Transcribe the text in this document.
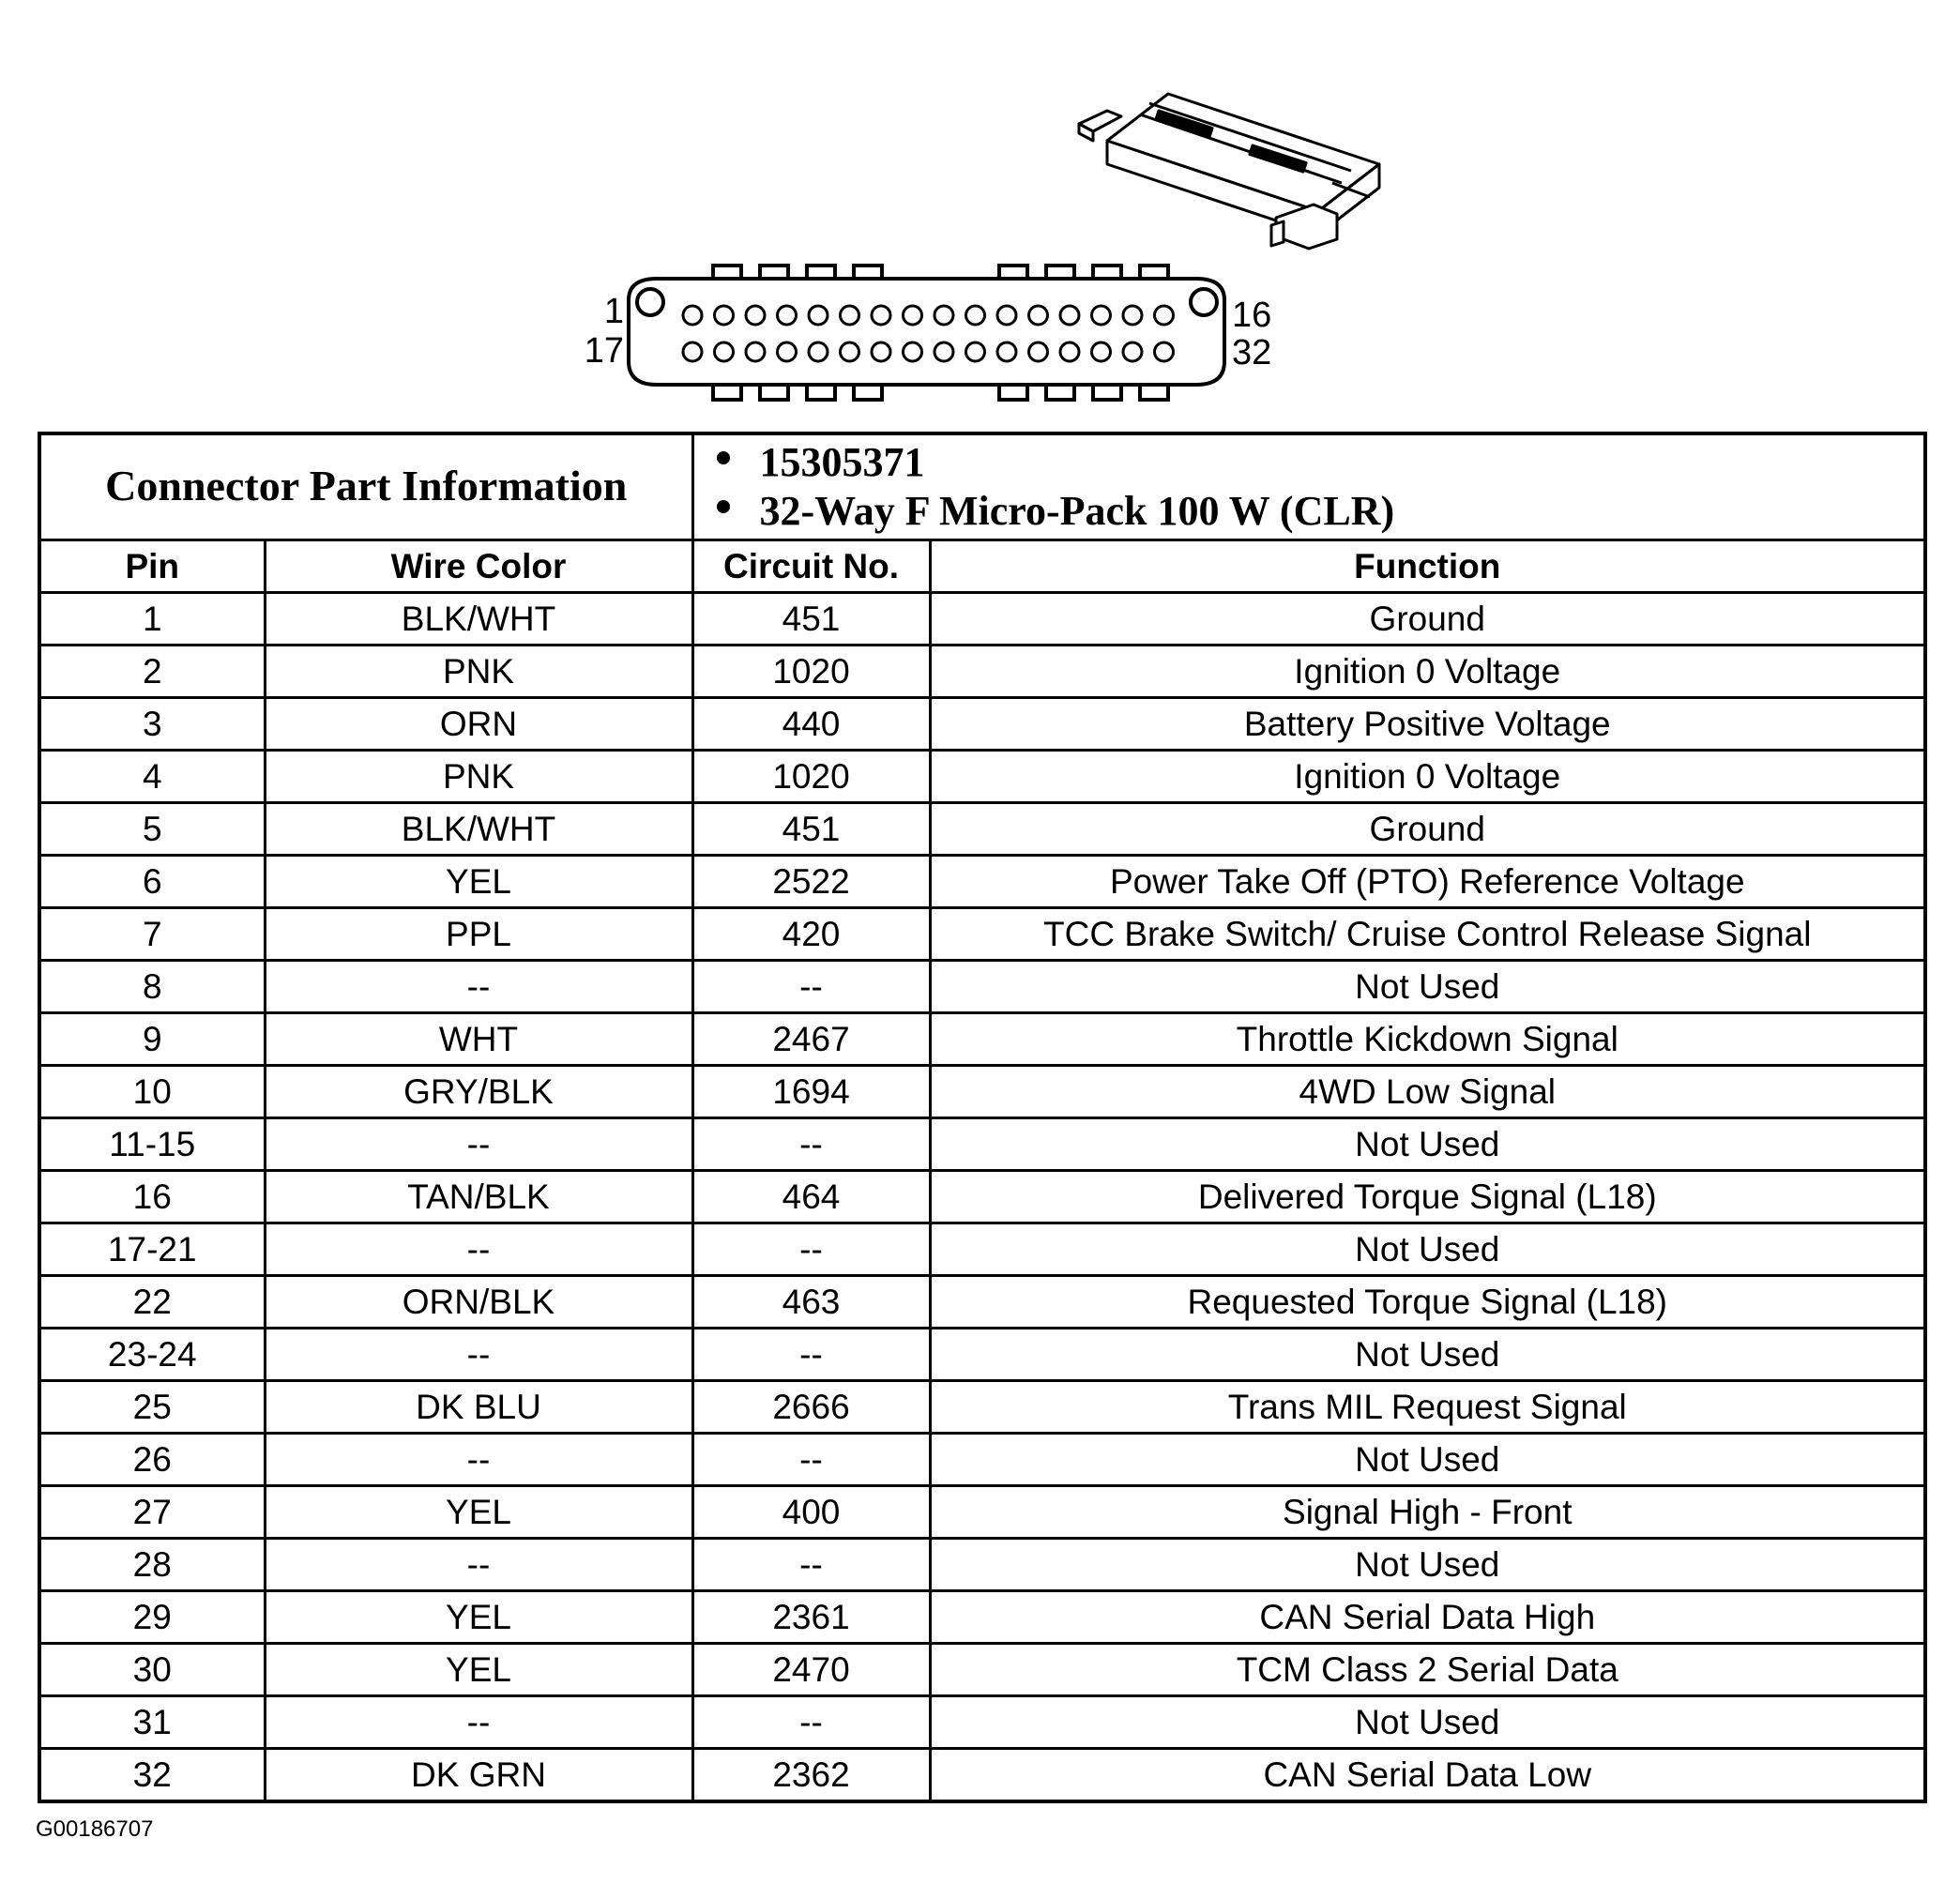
1
17
16
32
Connector Part Information		15305371
32-Way F Micro-Pack 100 W (CLR)	

Pin	Wire Color	Circuit No.	Function
1	BLK/WHT	451	Ground
2	PNK	1020	Ignition 0 Voltage
3	ORN	440	Battery Positive Voltage
4	PNK	1020	Ignition 0 Voltage
5	BLK/WHT	451	Ground
6	YEL	2522	Power Take Off (PTO) Reference Voltage
7	PPL	420	TCC Brake Switch/ Cruise Control Release Signal
8	--	--	Not Used
9	WHT	2467	Throttle Kickdown Signal
10	GRY/BLK	1694	4WD Low Signal
11-15	--	--	Not Used
16	TAN/BLK	464	Delivered Torque Signal (L18)
17-21	--	--	Not Used
22	ORN/BLK	463	Requested Torque Signal (L18)
23-24	--	--	Not Used
25	DK BLU	2666	Trans MIL Request Signal
26	--	--	Not Used
27	YEL	400	Signal High - Front
28	--	--	Not Used
29	YEL	2361	CAN Serial Data High
30	YEL	2470	TCM Class 2 Serial Data
31	--	--	Not Used
32	DK GRN	2362	CAN Serial Data Low
G00186707
